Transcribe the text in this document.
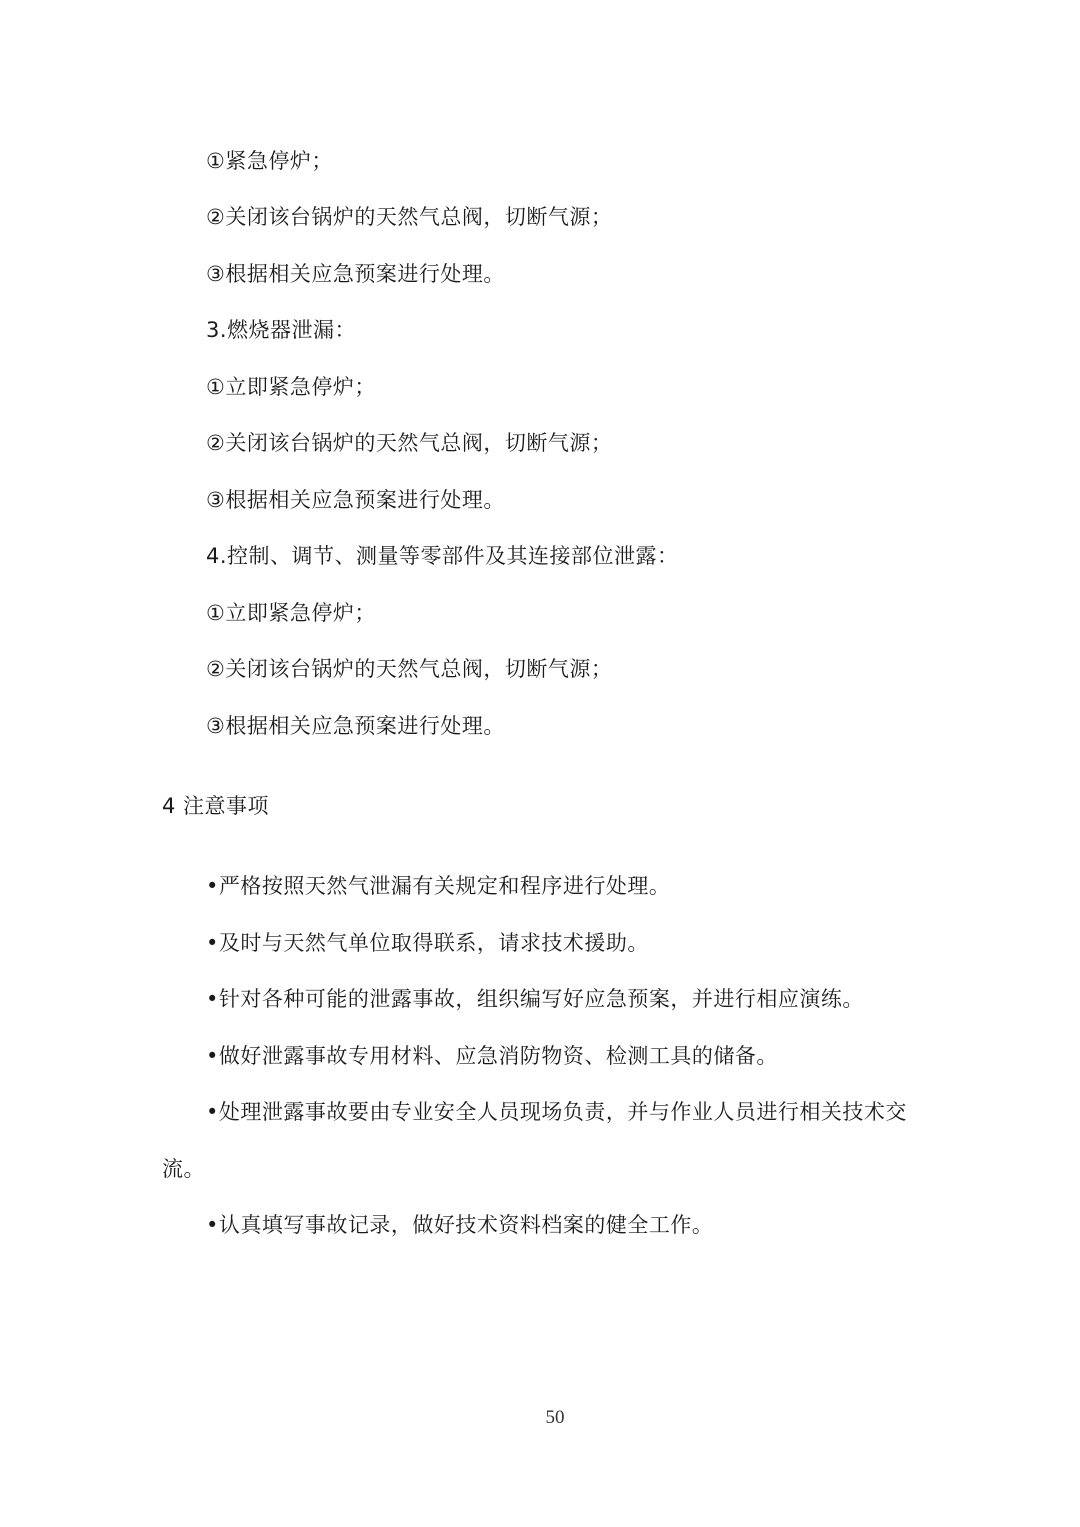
①紧急停炉；
②关闭该台锅炉的天然气总阀，切断气源；
③根据相关应急预案进行处理。
3.燃烧器泄漏：
①立即紧急停炉；
②关闭该台锅炉的天然气总阀，切断气源；
③根据相关应急预案进行处理。
4.控制、调节、测量等零部件及其连接部位泄露：
①立即紧急停炉；
②关闭该台锅炉的天然气总阀，切断气源；
③根据相关应急预案进行处理。
4 注意事项
•严格按照天然气泄漏有关规定和程序进行处理。
•及时与天然气单位取得联系，请求技术援助。
•针对各种可能的泄露事故，组织编写好应急预案，并进行相应演练。
•做好泄露事故专用材料、应急消防物资、检测工具的储备。
•处理泄露事故要由专业安全人员现场负责，并与作业人员进行相关技术交
流。
•认真填写事故记录，做好技术资料档案的健全工作。
50
